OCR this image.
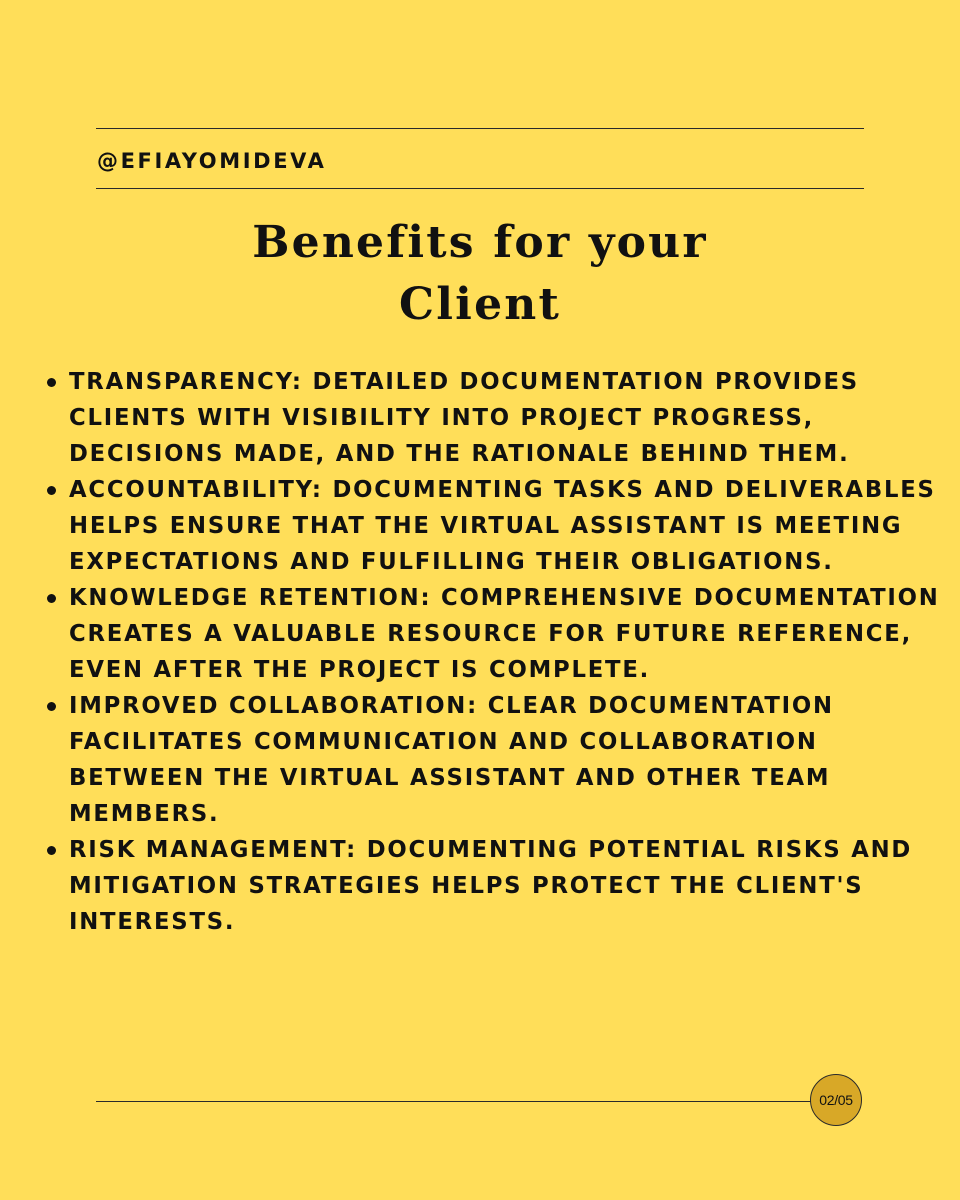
@EFIAYOMIDEVA
Benefits for your
Client
TRANSPARENCY: DETAILED DOCUMENTATION PROVIDES
CLIENTS WITH VISIBILITY INTO PROJECT PROGRESS,
DECISIONS MADE, AND THE RATIONALE BEHIND THEM.
ACCOUNTABILITY: DOCUMENTING TASKS AND DELIVERABLES
HELPS ENSURE THAT THE VIRTUAL ASSISTANT IS MEETING
EXPECTATIONS AND FULFILLING THEIR OBLIGATIONS.
KNOWLEDGE RETENTION: COMPREHENSIVE DOCUMENTATION
CREATES A VALUABLE RESOURCE FOR FUTURE REFERENCE,
EVEN AFTER THE PROJECT IS COMPLETE.
IMPROVED COLLABORATION: CLEAR DOCUMENTATION
FACILITATES COMMUNICATION AND COLLABORATION
BETWEEN THE VIRTUAL ASSISTANT AND OTHER TEAM
MEMBERS.
RISK MANAGEMENT: DOCUMENTING POTENTIAL RISKS AND
MITIGATION STRATEGIES HELPS PROTECT THE CLIENT'S
INTERESTS.
02/05
